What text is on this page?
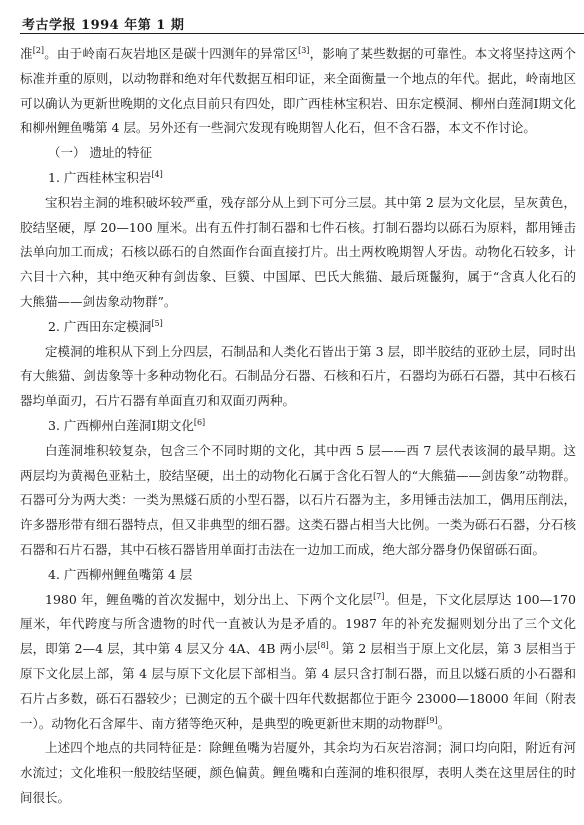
考古学报 1994 年第 1 期

准[2]。由于岭南石灰岩地区是碳十四测年的异常区[3]，影响了某些数据的可靠性。本文将坚持这两个标准并重的原则，以动物群和绝对年代数据互相印证，来全面衡量一个地点的年代。据此，岭南地区可以确认为更新世晚期的文化点目前只有四处，即广西桂林宝积岩、田东定模洞、柳州白莲洞Ⅰ期文化和柳州鲤鱼嘴第 4 层。另外还有一些洞穴发现有晚期智人化石，但不含石器，本文不作讨论。

（一） 遗址的特征

1. 广西桂林宝积岩[4]

宝积岩主洞的堆积破坏较严重，残存部分从上到下可分三层。其中第 2 层为文化层，呈灰黄色，胶结坚硬，厚 20—100 厘米。出有五件打制石器和七件石核。打制石器均以砾石为原料，都用锤击法单向加工而成；石核以砾石的自然面作台面直接打片。出土两枚晚期智人牙齿。动物化石较多，计六目十六种，其中绝灭种有剑齿象、巨貘、中国犀、巴氏大熊猫、最后斑鬣狗，属于“含真人化石的大熊猫——剑齿象动物群”。

2. 广西田东定模洞[5]

定模洞的堆积从下到上分四层，石制品和人类化石皆出于第 3 层，即半胶结的亚砂土层，同时出有大熊猫、剑齿象等十多种动物化石。石制品分石器、石核和石片，石器均为砾石石器，其中石核石器均单面刃，石片石器有单面直刃和双面刃两种。

3. 广西柳州白莲洞Ⅰ期文化[6]

白莲洞堆积较复杂，包含三个不同时期的文化，其中西 5 层——西 7 层代表该洞的最早期。这两层均为黄褐色亚粘土，胶结坚硬，出土的动物化石属于含化石智人的“大熊猫——剑齿象”动物群。石器可分为两大类：一类为黑燧石质的小型石器，以石片石器为主，多用锤击法加工，偶用压削法，许多器形带有细石器特点，但又非典型的细石器。这类石器占相当大比例。一类为砾石石器，分石核石器和石片石器，其中石核石器皆用单面打击法在一边加工而成，绝大部分器身仍保留砾石面。

4. 广西柳州鲤鱼嘴第 4 层

1980 年，鲤鱼嘴的首次发掘中，划分出上、下两个文化层[7]。但是，下文化层厚达 100—170 厘米，年代跨度与所含遗物的时代一直被认为是矛盾的。1987 年的补充发掘则划分出了三个文化层，即第 2—4 层，其中第 4 层又分 4A、4B 两小层[8]。第 2 层相当于原上文化层，第 3 层相当于原下文化层上部，第 4 层与原下文化层下部相当。第 4 层只含打制石器，而且以燧石质的小石器和石片占多数，砾石石器较少；已测定的五个碳十四年代数据都位于距今 23000—18000 年间（附表一）。动物化石含犀牛、南方猪等绝灭种，是典型的晚更新世末期的动物群[9]。

上述四个地点的共同特征是：除鲤鱼嘴为岩厦外，其余均为石灰岩溶洞；洞口均向阳，附近有河水流过；文化堆积一般胶结坚硬，颜色偏黄。鲤鱼嘴和白莲洞的堆积很厚，表明人类在这里居住的时间很长。
